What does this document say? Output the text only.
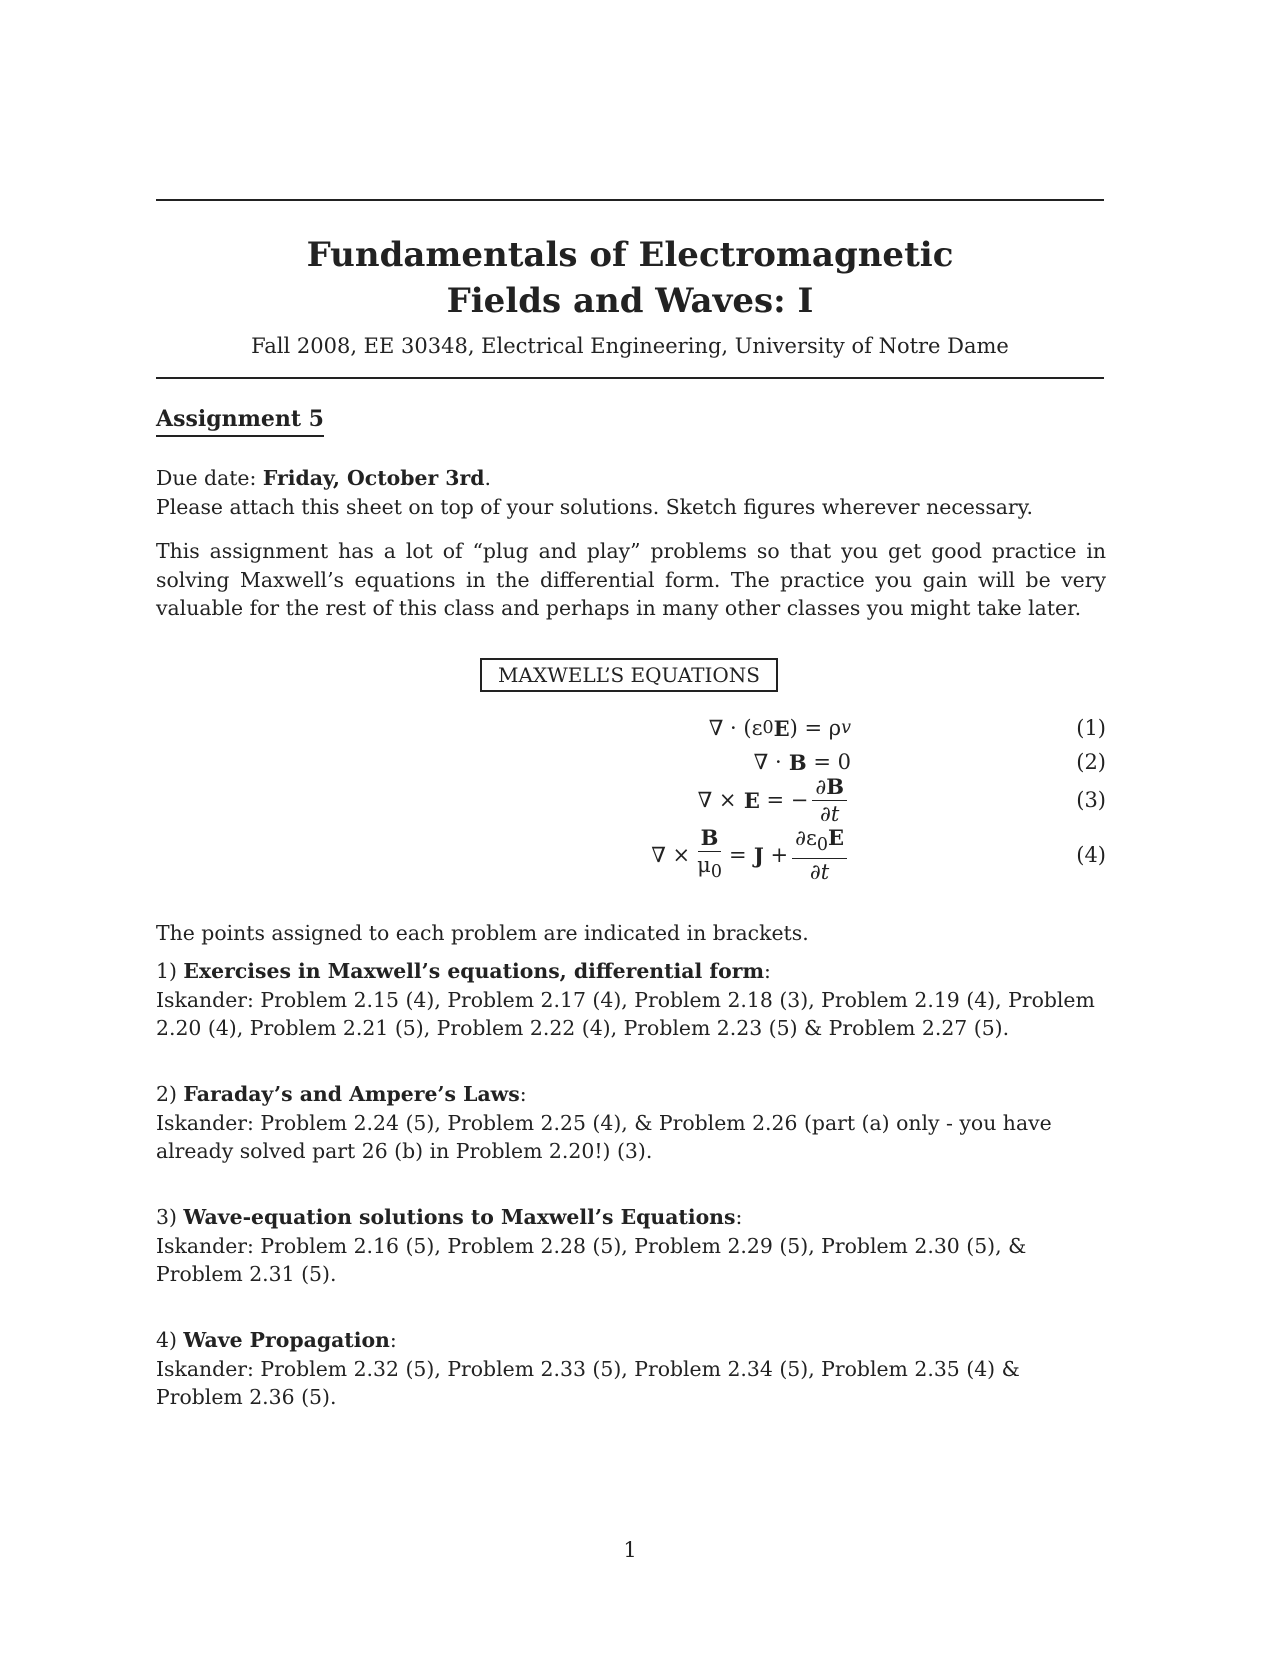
Fundamentals of Electromagnetic
Fields and Waves: I
Fall 2008, EE 30348, Electrical Engineering, University of Notre Dame
Assignment 5
Due date: Friday, October 3rd.
Please attach this sheet on top of your solutions. Sketch figures wherever necessary.
This assignment has a lot of “plug and play” problems so that you get good practice in solving Maxwell’s equations in the differential form. The practice you gain will be very valuable for the rest of this class and perhaps in many other classes you might take later.
MAXWELL’S EQUATIONS
∇ · (ε 0 E ) = ρ v	(1)
∇ · B = 0	(2)
∇ × E = − $\frac{\partial B}{\partial t}$	(3)
∇ × $\frac{B}{\mu_0} = J + \frac{\partial\varepsilon_0E}{\partial t}$	(4)
The points assigned to each problem are indicated in brackets.
1) Exercises in Maxwell’s equations, differential form:
Iskander: Problem 2.15 (4), Problem 2.17 (4), Problem 2.18 (3), Problem 2.19 (4), Problem 2.20 (4), Problem 2.21 (5), Problem 2.22 (4), Problem 2.23 (5) & Problem 2.27 (5).
2) Faraday’s and Ampere’s Laws:
Iskander: Problem 2.24 (5), Problem 2.25 (4), & Problem 2.26 (part (a) only - you have already solved part 26 (b) in Problem 2.20!) (3).
3) Wave-equation solutions to Maxwell’s Equations:
Iskander: Problem 2.16 (5), Problem 2.28 (5), Problem 2.29 (5), Problem 2.30 (5), & Problem 2.31 (5).
4) Wave Propagation:
Iskander: Problem 2.32 (5), Problem 2.33 (5), Problem 2.34 (5), Problem 2.35 (4) & Problem 2.36 (5).
1
